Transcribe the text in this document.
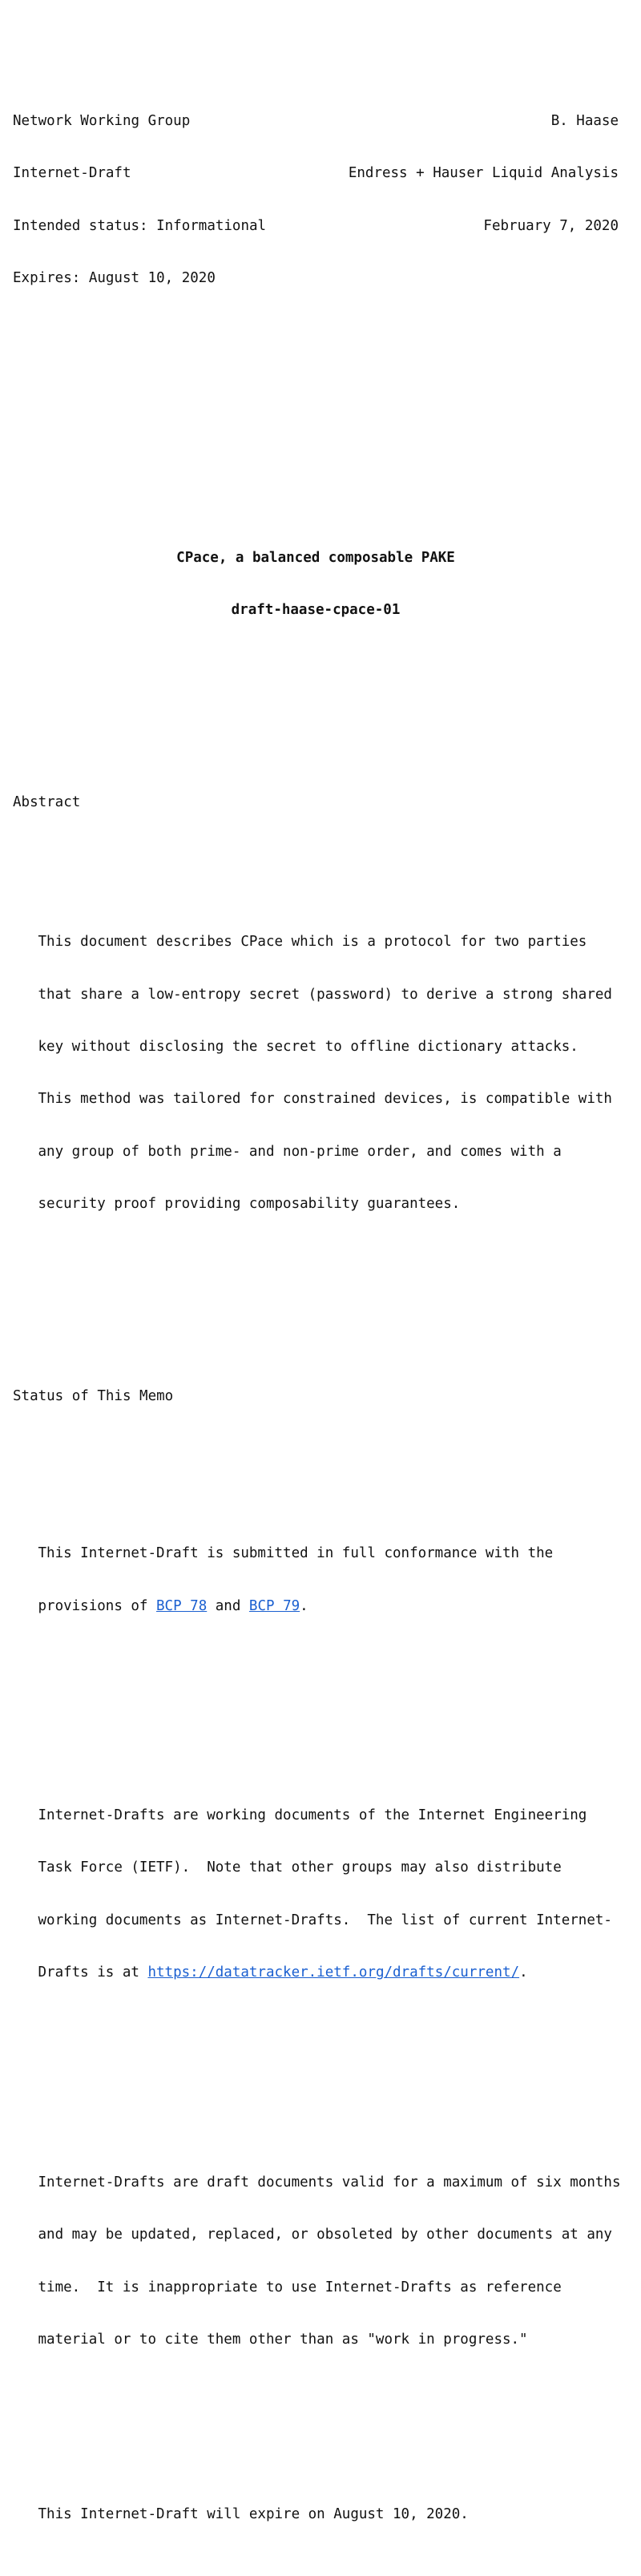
Network Working Group	B. Haase

Internet-Draft	Endress + Hauser Liquid Analysis

Intended status: Informational	February 7, 2020

Expires: August 10, 2020

CPace, a balanced composable PAKE

draft-haase-cpace-01

Abstract

This document describes CPace which is a protocol for two parties

that share a low-entropy secret (password) to derive a strong shared

key without disclosing the secret to offline dictionary attacks.

This method was tailored for constrained devices, is compatible with

any group of both prime- and non-prime order, and comes with a

security proof providing composability guarantees.

Status of This Memo

This Internet-Draft is submitted in full conformance with the

provisions of BCP 78 and BCP 79.

Internet-Drafts are working documents of the Internet Engineering

Task Force (IETF).  Note that other groups may also distribute

working documents as Internet-Drafts.  The list of current Internet-

Drafts is at https://datatracker.ietf.org/drafts/current/.

Internet-Drafts are draft documents valid for a maximum of six months

and may be updated, replaced, or obsoleted by other documents at any

time.  It is inappropriate to use Internet-Drafts as reference

material or to cite them other than as "work in progress."

This Internet-Draft will expire on August 10, 2020.
